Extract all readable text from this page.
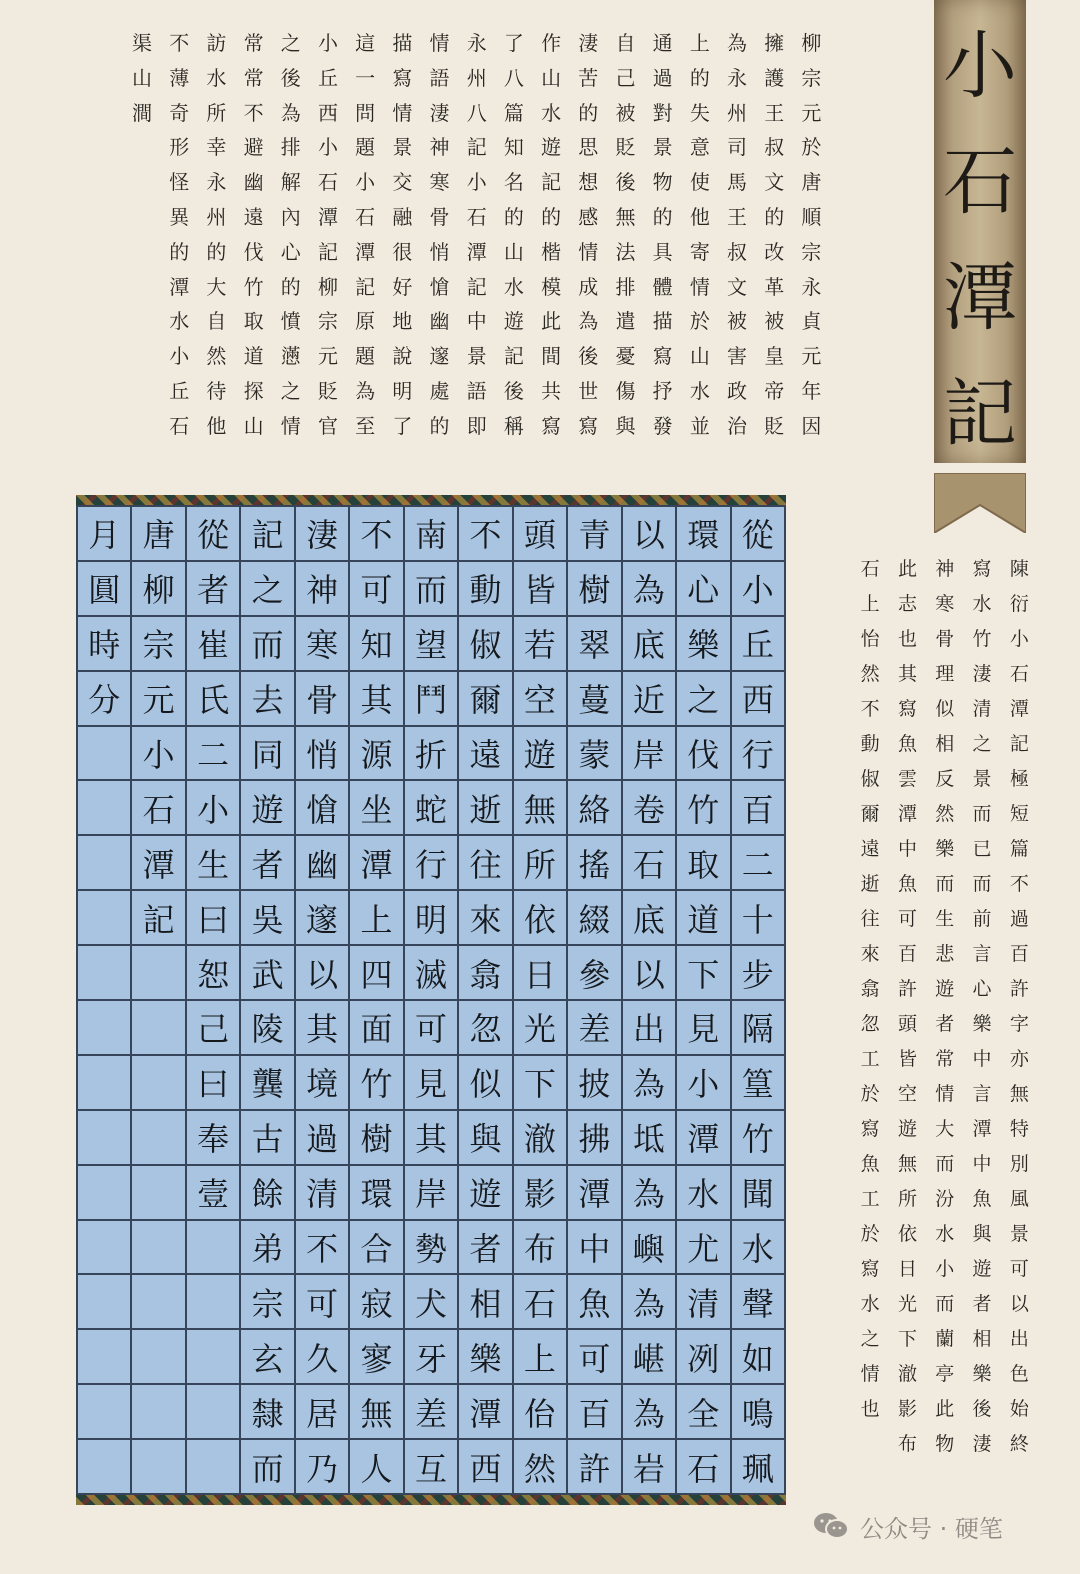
柳
宗
元
於
唐
順
宗
永
貞
元
年
因
擁
護
王
叔
文
的
改
革
被
皇
帝
貶
為
永
州
司
馬
王
叔
文
被
害
政
治
上
的
失
意
使
他
寄
情
於
山
水
並
通
過
對
景
物
的
具
體
描
寫
抒
發
自
己
被
貶
後
無
法
排
遣
憂
傷
與
淒
苦
的
思
想
感
情
成
為
後
世
寫
作
山
水
遊
記
的
楷
模
此
間
共
寫
了
八
篇
知
名
的
山
水
遊
記
後
稱
永
州
八
記
小
石
潭
記
中
景
語
即
情
語
淒
神
寒
骨
悄
愴
幽
邃
處
的
描
寫
情
景
交
融
很
好
地
說
明
了
這
一
問
題
小
石
潭
記
原
題
為
至
小
丘
西
小
石
潭
記
柳
宗
元
貶
官
之
後
為
排
解
內
心
的
憤
懣
之
情
常
常
不
避
幽
遠
伐
竹
取
道
探
山
訪
水
所
幸
永
州
的
大
自
然
待
他
不
薄
奇
形
怪
異
的
潭
水
小
丘
石
渠
山
澗
小
石
潭
記
月 唐 從 記 淒 不 南 不 頭 青 以 環 從
圓 柳 者 之 神 可 而 動 皆 樹 為 心 小
時 宗 崔 而 寒 知 望 俶 若 翠 底 樂 丘
分 元 氏 去 骨 其 鬥 爾 空 蔓 近 之 西
小 二 同 悄 源 折 遠 遊 蒙 岸 伐 行
石 小 遊 愴 坐 蛇 逝 無 絡 卷 竹 百
潭 生 者 幽 潭 行 往 所 搖 石 取 二
記 曰 吳 邃 上 明 來 依 綴 底 道 十
恕 武 以 四 滅 翕 日 參 以 下 步
己 陵 其 面 可 忽 光 差 出 見 隔
曰 龔 境 竹 見 似 下 披 為 小 篁
奉 古 過 樹 其 與 澈 拂 坻 潭 竹
壹 餘 清 環 岸 遊 影 潭 為 水 聞
弟 不 合 勢 者 布 中 嶼 尤 水
宗 可 寂 犬 相 石 魚 為 清 聲
玄 久 寥 牙 樂 上 可 嵁 冽 如
隸 居 無 差 潭 佁 百 為 全 鳴
而 乃 人 互 西 然 許 岩 石 珮
陳
衍
小
石
潭
記
極
短
篇
不
過
百
許
字
亦
無
特
別
風
景
可
以
出
色
始
終
寫
水
竹
淒
清
之
景
而
已
而
前
言
心
樂
中
言
潭
中
魚
與
遊
者
相
樂
後
淒
神
寒
骨
理
似
相
反
然
樂
而
生
悲
遊
者
常
情
大
而
汾
水
小
而
蘭
亭
此
物
此
志
也
其
寫
魚
雲
潭
中
魚
可
百
許
頭
皆
空
遊
無
所
依
日
光
下
澈
影
布
石
上
怡
然
不
動
俶
爾
遠
逝
往
來
翕
忽
工
於
寫
魚
工
於
寫
水
之
情
也
公众号 · 硬笔
